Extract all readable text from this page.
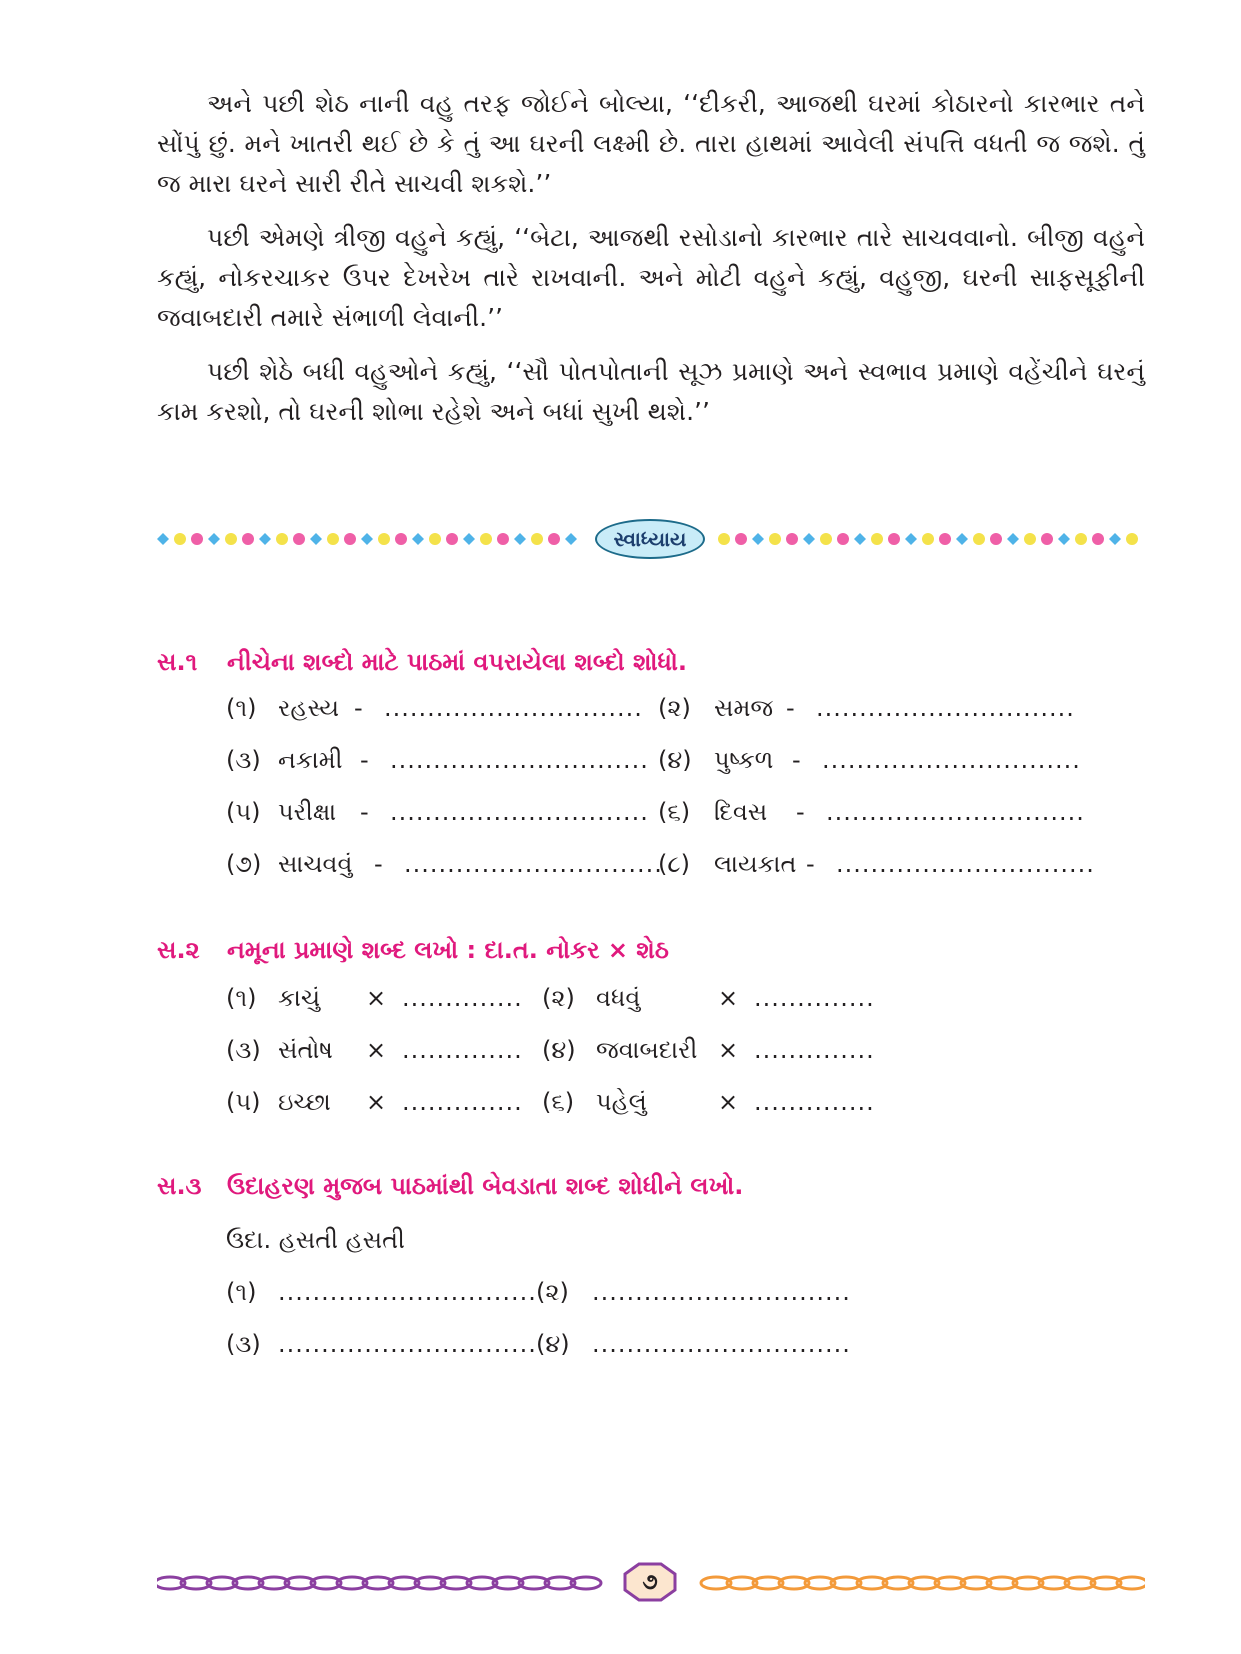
અને પછી શેઠ નાની વહુ તરફ જોઈને બોલ્યા, ‘‘દીકરી, આજથી ઘરમાં કોઠારનો કારભાર તને સોંપું છું. મને ખાતરી થઈ છે કે તું આ ઘરની લક્ષ્મી છે. તારા હાથમાં આવેલી સંપત્તિ વધતી જ જશે. તું જ મારા ઘરને સારી રીતે સાચવી શકશે.’’

પછી એમણે ત્રીજી વહુને કહ્યું, ‘‘બેટા, આજથી રસોડાનો કારભાર તારે સાચવવાનો. બીજી વહુને કહ્યું, નોકરચાકર ઉપર દેખરેખ તારે રાખવાની. અને મોટી વહુને કહ્યું, વહુજી, ઘરની સાફસૂફીની જવાબદારી તમારે સંભાળી લેવાની.’’

પછી શેઠે બધી વહુઓને કહ્યું, ‘‘સૌ પોતપોતાની સૂઝ પ્રમાણે અને સ્વભાવ પ્રમાણે વહેંચીને ઘરનું કામ કરશો, તો ઘરની શોભા રહેશે અને બધાં સુખી થશે.’’

સ્વાધ્યાય
સ.૧ નીચેના શબ્દો માટે પાઠમાં વપરાયેલા શબ્દો શોધો.
(૧) રહસ્ય - .............................. (૨) સમજ - ..............................
(૩) નકામી - .............................. (૪) પુષ્કળ - ..............................
(૫) પરીક્ષા - .............................. (૬) દિવસ - ..............................
(૭) સાચવવું - ..............................
(૮) લાયકાત - ..............................
સ.૨ નમૂના પ્રમાણે શબ્દ લખો : દા.ત. નોકર × શેઠ
(૧) કાચું × .............. (૨) વધવું	× ..............
(૩) સંતોષ × .............. (૪) જવાબદારી × ..............
(૫) ઇચ્છા × .............. (૬) પહેલું	× ..............
સ.૩ ઉદાહરણ મુજબ પાઠમાંથી બેવડાતા શબ્દ શોધીને લખો.
ઉદા. હસતી હસતી
(૧) .............................. (૨) ..............................
(૩) .............................. (૪) ..............................
૭
